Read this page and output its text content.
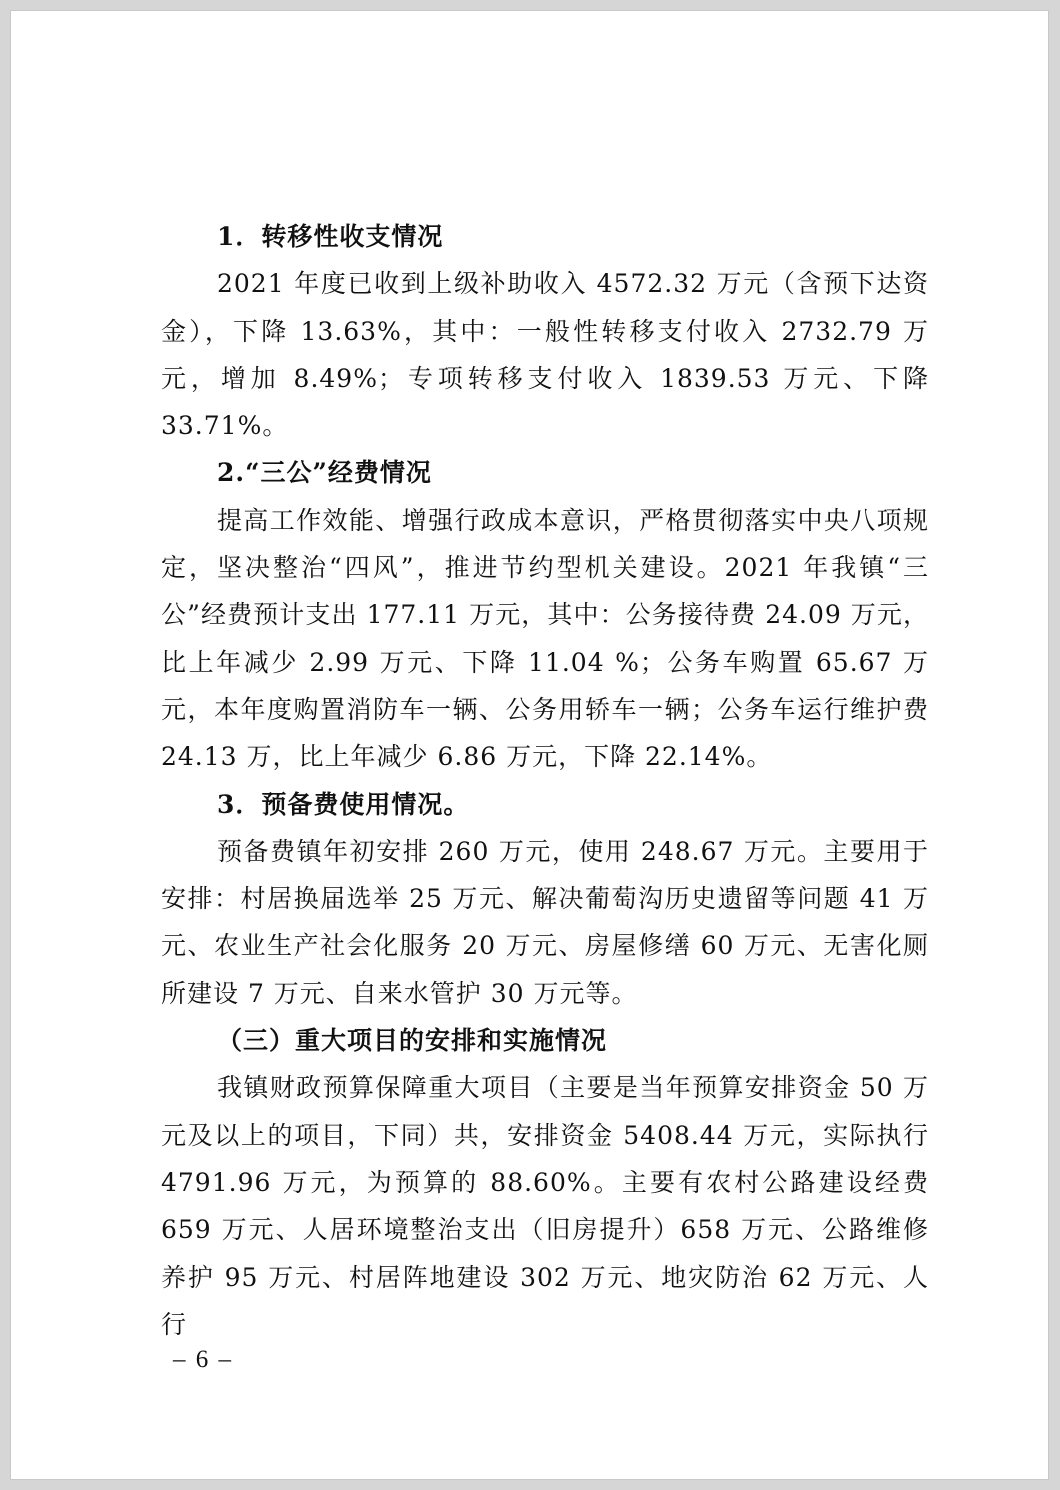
1．转移性收支情况

2021 年度已收到上级补助收入 4572.32 万元（含预下达资金），下降 13.63%，其中：一般性转移支付收入 2732.79 万元，增加 8.49%；专项转移支付收入 1839.53 万元、下降 33.71%。

2.“三公”经费情况

提高工作效能、增强行政成本意识，严格贯彻落实中央八项规定，坚决整治“四风”，推进节约型机关建设。2021 年我镇“三公”经费预计支出 177.11 万元，其中：公务接待费 24.09 万元，比上年减少 2.99 万元、下降 11.04 %；公务车购置 65.67 万元，本年度购置消防车一辆、公务用轿车一辆；公务车运行维护费 24.13 万，比上年减少 6.86 万元，下降 22.14%。

3．预备费使用情况。

预备费镇年初安排 260 万元，使用 248.67 万元。主要用于安排：村居换届选举 25 万元、解决葡萄沟历史遗留等问题 41 万元、农业生产社会化服务 20 万元、房屋修缮 60 万元、无害化厕所建设 7 万元、自来水管护 30 万元等。

（三）重大项目的安排和实施情况

我镇财政预算保障重大项目（主要是当年预算安排资金 50 万元及以上的项目，下同）共，安排资金 5408.44 万元，实际执行 4791.96 万元，为预算的 88.60%。主要有农村公路建设经费 659 万元、人居环境整治支出（旧房提升）658 万元、公路维修养护 95 万元、村居阵地建设 302 万元、地灾防治 62 万元、人行

– 6 –
